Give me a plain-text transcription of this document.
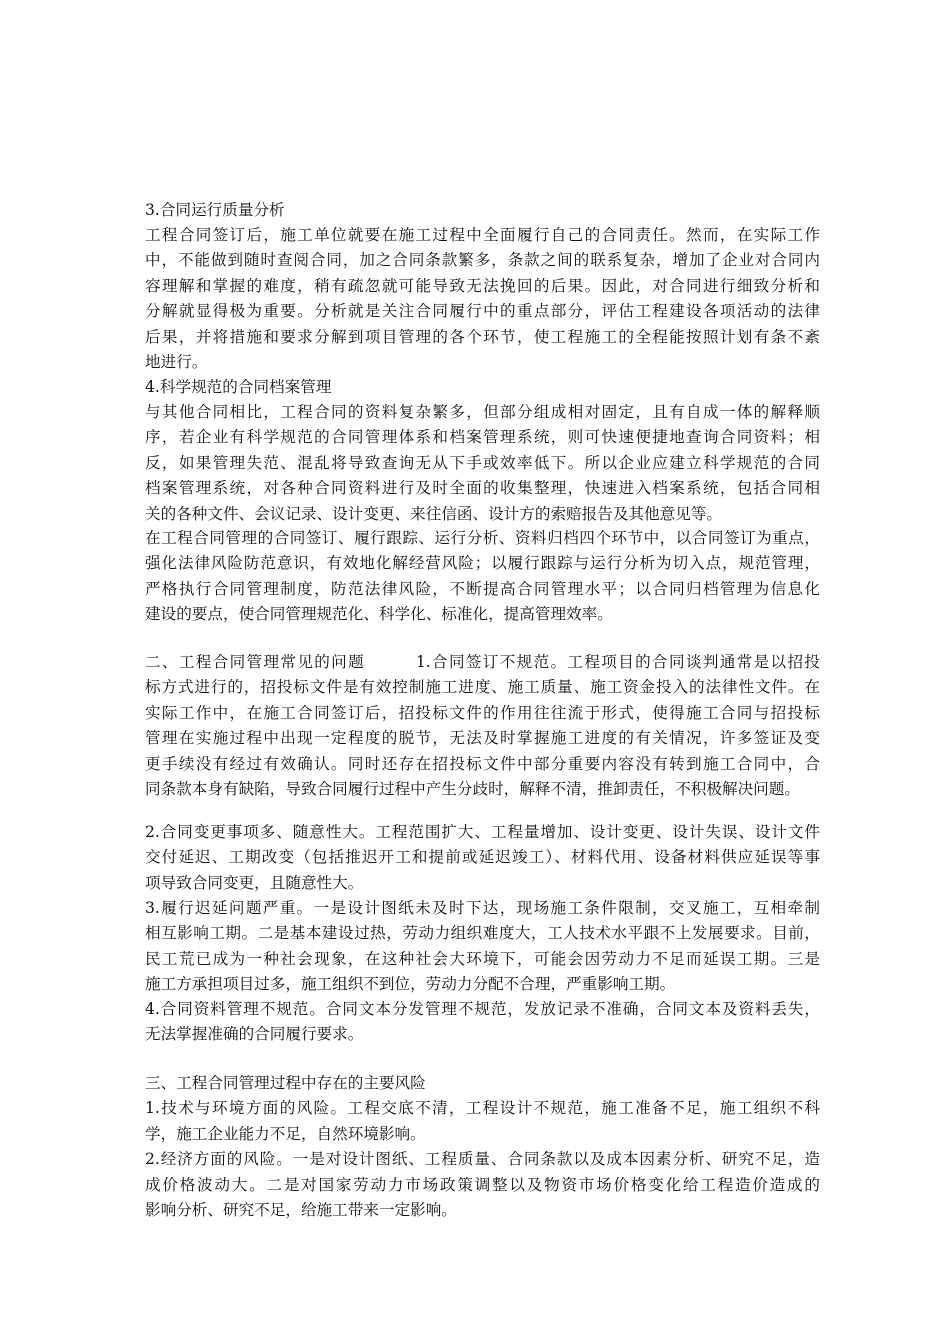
3.合同运行质量分析
工程合同签订后，施工单位就要在施工过程中全面履行自己的合同责任。然而，在实际工作
中，不能做到随时查阅合同，加之合同条款繁多，条款之间的联系复杂，增加了企业对合同内
容理解和掌握的难度，稍有疏忽就可能导致无法挽回的后果。因此，对合同进行细致分析和
分解就显得极为重要。分析就是关注合同履行中的重点部分，评估工程建设各项活动的法律
后果，并将措施和要求分解到项目管理的各个环节，使工程施工的全程能按照计划有条不紊
地进行。
4.科学规范的合同档案管理
与其他合同相比，工程合同的资料复杂繁多，但部分组成相对固定，且有自成一体的解释顺
序，若企业有科学规范的合同管理体系和档案管理系统，则可快速便捷地查询合同资料；相
反，如果管理失范、混乱将导致查询无从下手或效率低下。所以企业应建立科学规范的合同
档案管理系统，对各种合同资料进行及时全面的收集整理，快速进入档案系统，包括合同相
关的各种文件、会议记录、设计变更、来往信函、设计方的索赔报告及其他意见等。
在工程合同管理的合同签订、履行跟踪、运行分析、资料归档四个环节中，以合同签订为重点，
强化法律风险防范意识，有效地化解经营风险；以履行跟踪与运行分析为切入点，规范管理，
严格执行合同管理制度，防范法律风险，不断提高合同管理水平；以合同归档管理为信息化
建设的要点，使合同管理规范化、科学化、标准化，提高管理效率。
二、工程合同管理常见的问题　　　1.合同签订不规范。工程项目的合同谈判通常是以招投
标方式进行的，招投标文件是有效控制施工进度、施工质量、施工资金投入的法律性文件。在
实际工作中，在施工合同签订后，招投标文件的作用往往流于形式，使得施工合同与招投标
管理在实施过程中出现一定程度的脱节，无法及时掌握施工进度的有关情况，许多签证及变
更手续没有经过有效确认。同时还存在招投标文件中部分重要内容没有转到施工合同中，合
同条款本身有缺陷，导致合同履行过程中产生分歧时，解释不清，推卸责任，不积极解决问题。
2.合同变更事项多、随意性大。工程范围扩大、工程量增加、设计变更、设计失误、设计文件
交付延迟、工期改变（包括推迟开工和提前或延迟竣工）、材料代用、设备材料供应延误等事
项导致合同变更，且随意性大。
3.履行迟延问题严重。一是设计图纸未及时下达，现场施工条件限制，交叉施工，互相牵制
相互影响工期。二是基本建设过热，劳动力组织难度大，工人技术水平跟不上发展要求。目前，
民工荒已成为一种社会现象，在这种社会大环境下，可能会因劳动力不足而延误工期。三是
施工方承担项目过多，施工组织不到位，劳动力分配不合理，严重影响工期。
4.合同资料管理不规范。合同文本分发管理不规范，发放记录不准确，合同文本及资料丢失，
无法掌握准确的合同履行要求。
三、工程合同管理过程中存在的主要风险
1.技术与环境方面的风险。工程交底不清，工程设计不规范，施工准备不足，施工组织不科
学，施工企业能力不足，自然环境影响。
2.经济方面的风险。一是对设计图纸、工程质量、合同条款以及成本因素分析、研究不足，造
成价格波动大。二是对国家劳动力市场政策调整以及物资市场价格变化给工程造价造成的
影响分析、研究不足，给施工带来一定影响。
